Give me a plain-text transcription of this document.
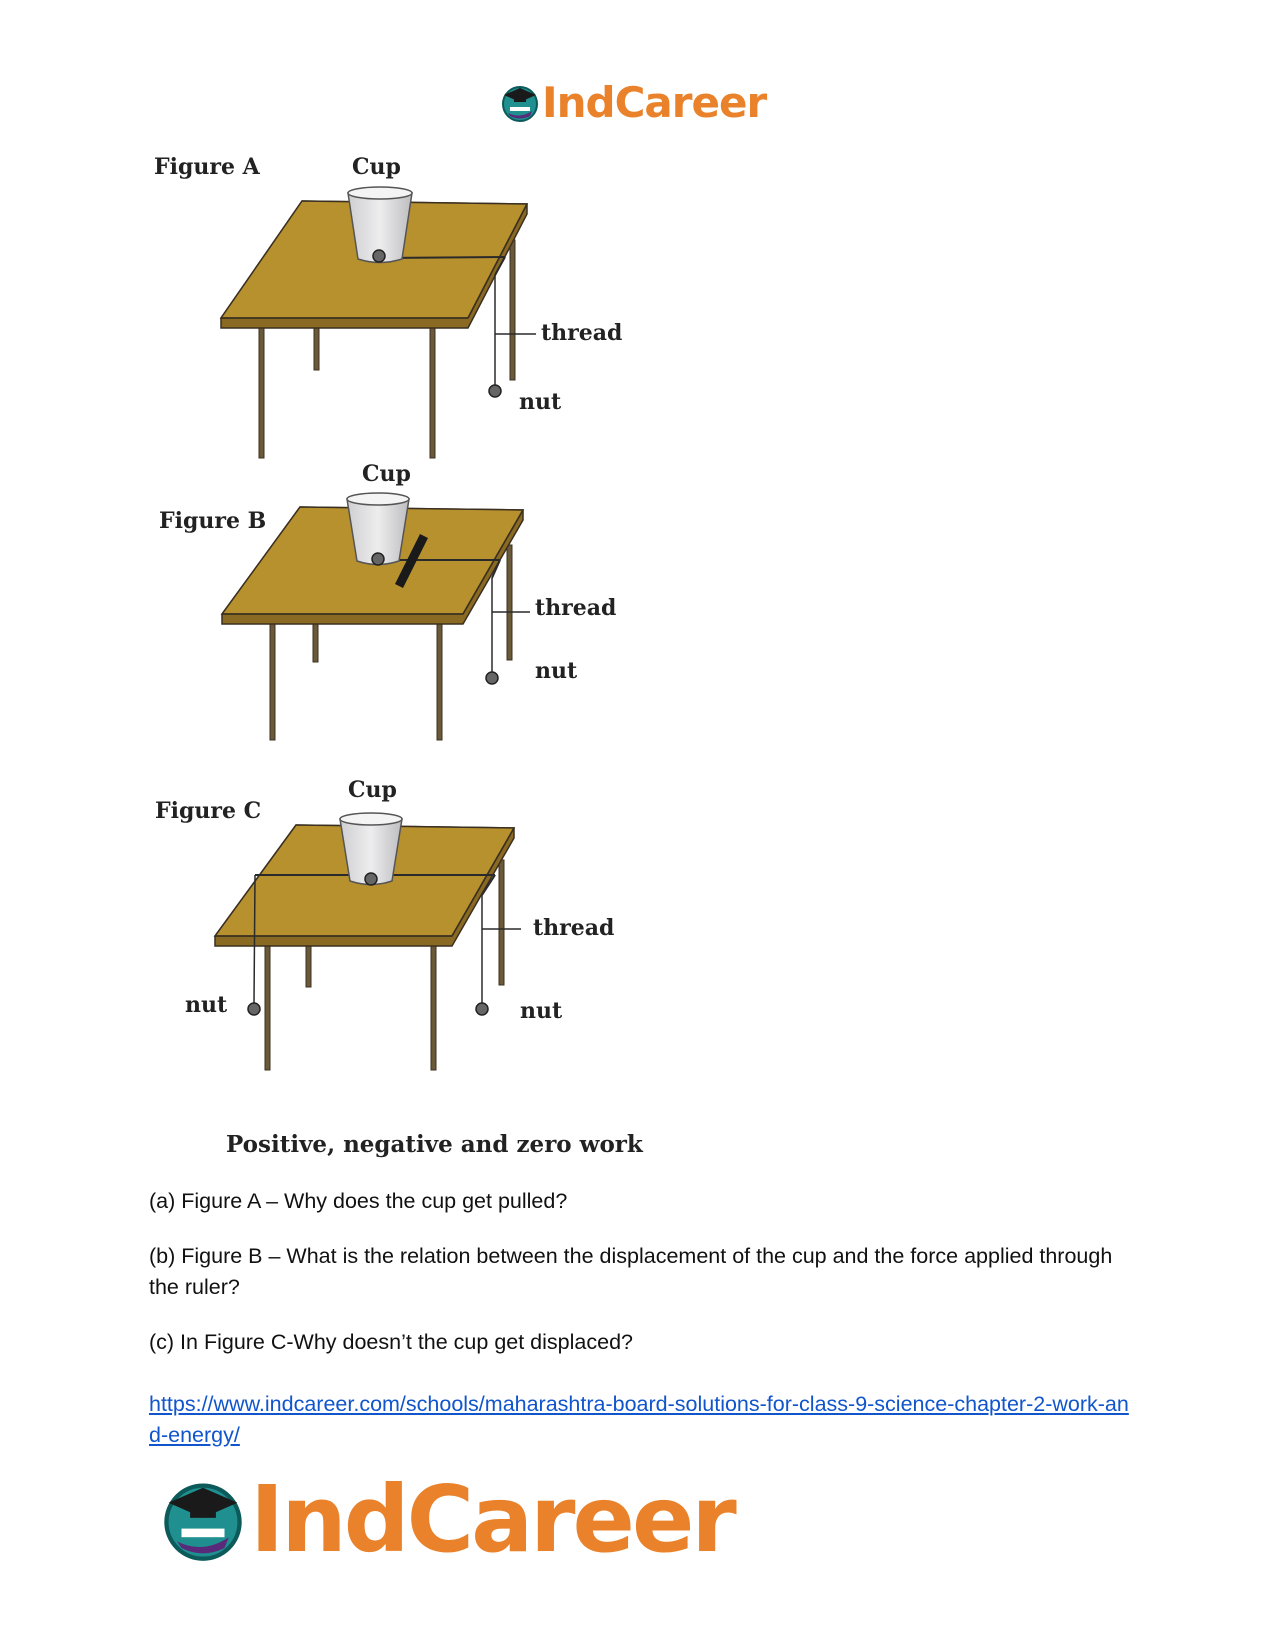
IndCareer
Figure A	Cup
thread
nut
Cup
Figure B
thread
nut
Cup
Figure C
thread
nut	nut
Positive, negative and zero work

(a) Figure A – Why does the cup get pulled?

(b) Figure B – What is the relation between the displacement of the cup and the force applied through the ruler?

(c) In Figure C-Why doesn’t the cup get displaced?

https://www.indcareer.com/schools/maharashtra-board-solutions-for-class-9-science-chapter-2-work-and-energy/
IndCareer
